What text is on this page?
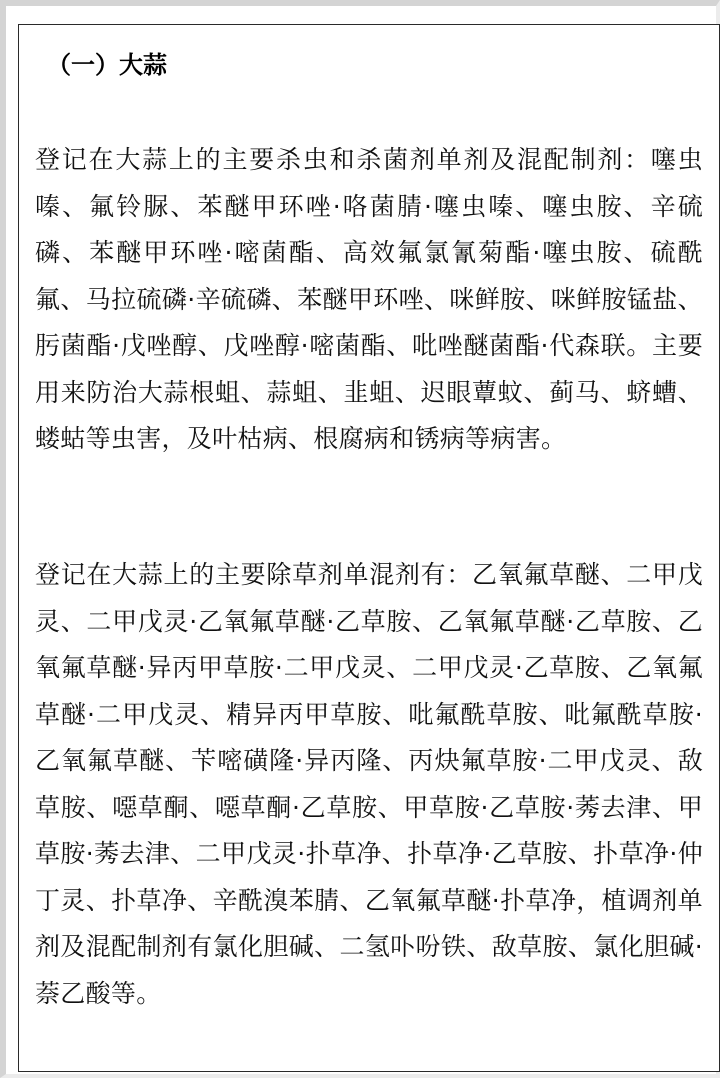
（一）大蒜

登记在大蒜上的主要杀虫和杀菌剂单剂及混配制剂：噻虫嗪、氟铃脲、苯醚甲环唑·咯菌腈·噻虫嗪、噻虫胺、辛硫磷、苯醚甲环唑·嘧菌酯、高效氟氯氰菊酯·噻虫胺、硫酰氟、马拉硫磷·辛硫磷、苯醚甲环唑、咪鲜胺、咪鲜胺锰盐、肟菌酯·戊唑醇、戊唑醇·嘧菌酯、吡唑醚菌酯·代森联。主要用来防治大蒜根蛆、蒜蛆、韭蛆、迟眼蕈蚊、蓟马、蛴螬、蝼蛄等虫害，及叶枯病、根腐病和锈病等病害。

登记在大蒜上的主要除草剂单混剂有：乙氧氟草醚、二甲戊灵、二甲戊灵·乙氧氟草醚·乙草胺、乙氧氟草醚·乙草胺、乙氧氟草醚·异丙甲草胺·二甲戊灵、二甲戊灵·乙草胺、乙氧氟草醚·二甲戊灵、精异丙甲草胺、吡氟酰草胺、吡氟酰草胺·乙氧氟草醚、苄嘧磺隆·异丙隆、丙炔氟草胺·二甲戊灵、敌草胺、噁草酮、噁草酮·乙草胺、甲草胺·乙草胺·莠去津、甲草胺·莠去津、二甲戊灵·扑草净、扑草净·乙草胺、扑草净·仲丁灵、扑草净、辛酰溴苯腈、乙氧氟草醚·扑草净，植调剂单剂及混配制剂有氯化胆碱、二氢卟吩铁、敌草胺、氯化胆碱·萘乙酸等。
